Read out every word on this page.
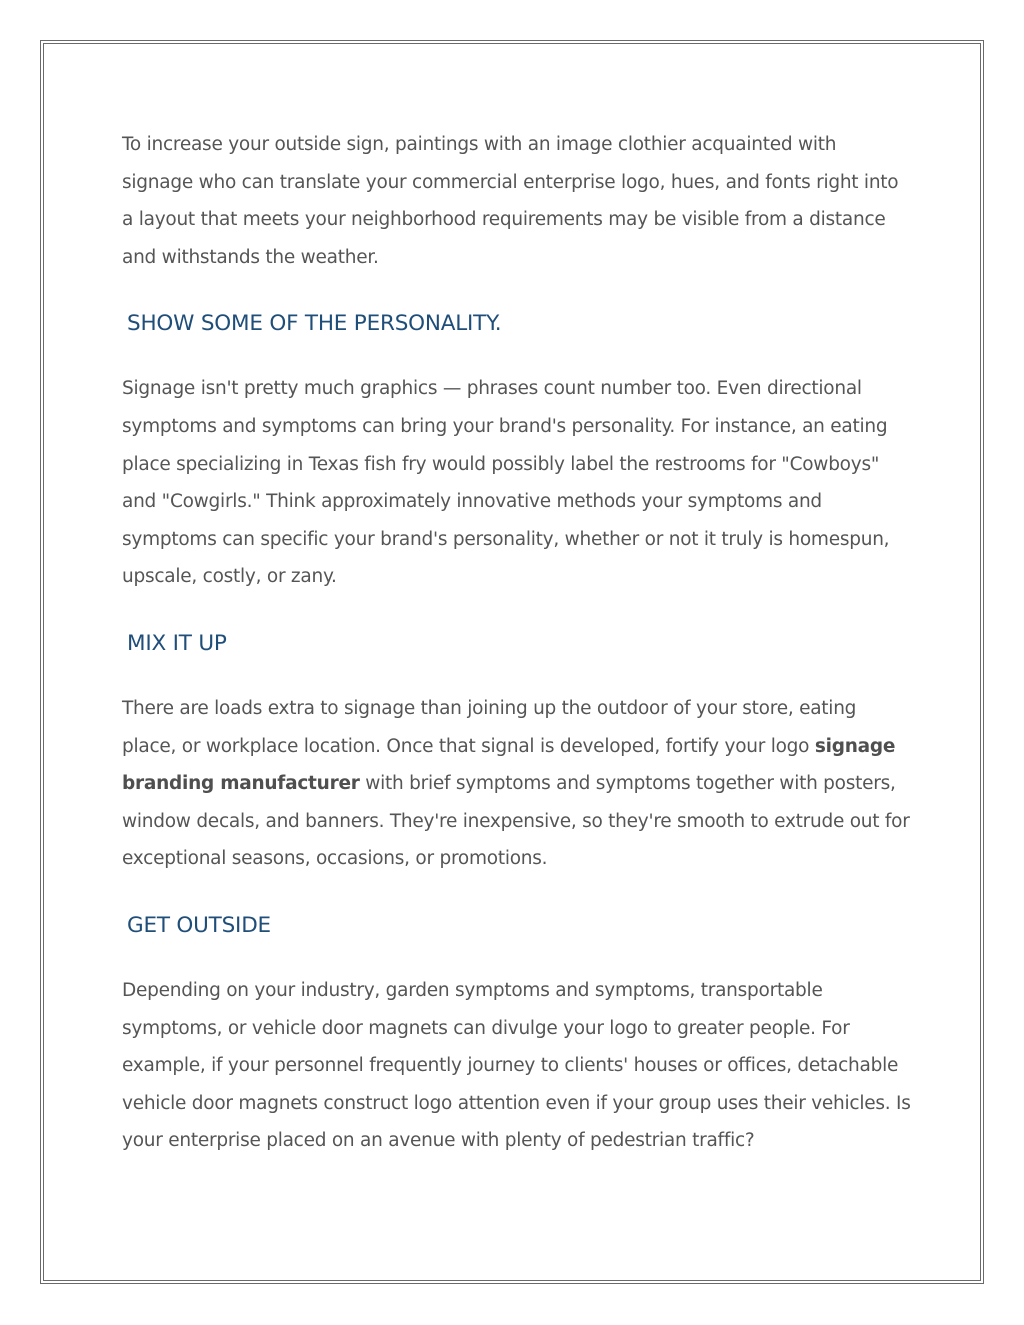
To increase your outside sign, paintings with an image clothier acquainted with signage who can translate your commercial enterprise logo, hues, and fonts right into a layout that meets your neighborhood requirements may be visible from a distance and withstands the weather.

SHOW SOME OF THE PERSONALITY.

Signage isn't pretty much graphics — phrases count number too. Even directional symptoms and symptoms can bring your brand's personality. For instance, an eating place specializing in Texas fish fry would possibly label the restrooms for "Cowboys" and "Cowgirls." Think approximately innovative methods your symptoms and symptoms can specific your brand's personality, whether or not it truly is homespun, upscale, costly, or zany.

MIX IT UP

There are loads extra to signage than joining up the outdoor of your store, eating place, or workplace location. Once that signal is developed, fortify your logo signage branding manufacturer with brief symptoms and symptoms together with posters, window decals, and banners. They're inexpensive, so they're smooth to extrude out for exceptional seasons, occasions, or promotions.

GET OUTSIDE

Depending on your industry, garden symptoms and symptoms, transportable symptoms, or vehicle door magnets can divulge your logo to greater people. For example, if your personnel frequently journey to clients' houses or offices, detachable vehicle door magnets construct logo attention even if your group uses their vehicles. Is your enterprise placed on an avenue with plenty of pedestrian traffic?
